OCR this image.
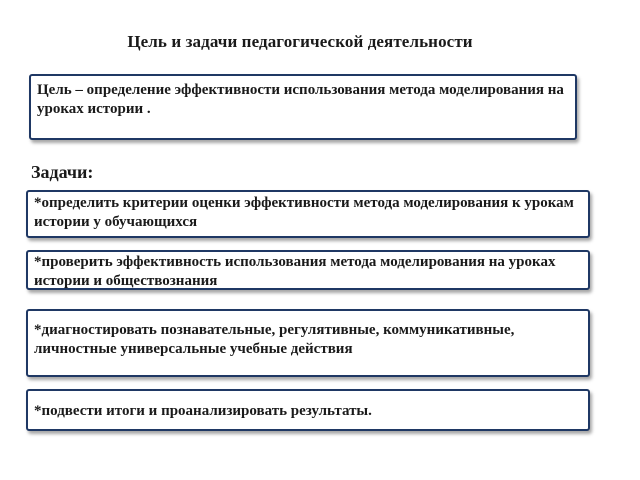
Цель и задачи педагогической деятельности
Цель – определение эффективности использования метода моделирования на уроках истории .
Задачи:
*определить критерии оценки эффективности метода моделирования к урокам истории у обучающихся
*проверить эффективность использования метода моделирования на уроках истории и обществознания
*диагностировать познавательные, регулятивные, коммуникативные, личностные универсальные учебные действия
*подвести итоги и проанализировать результаты.
